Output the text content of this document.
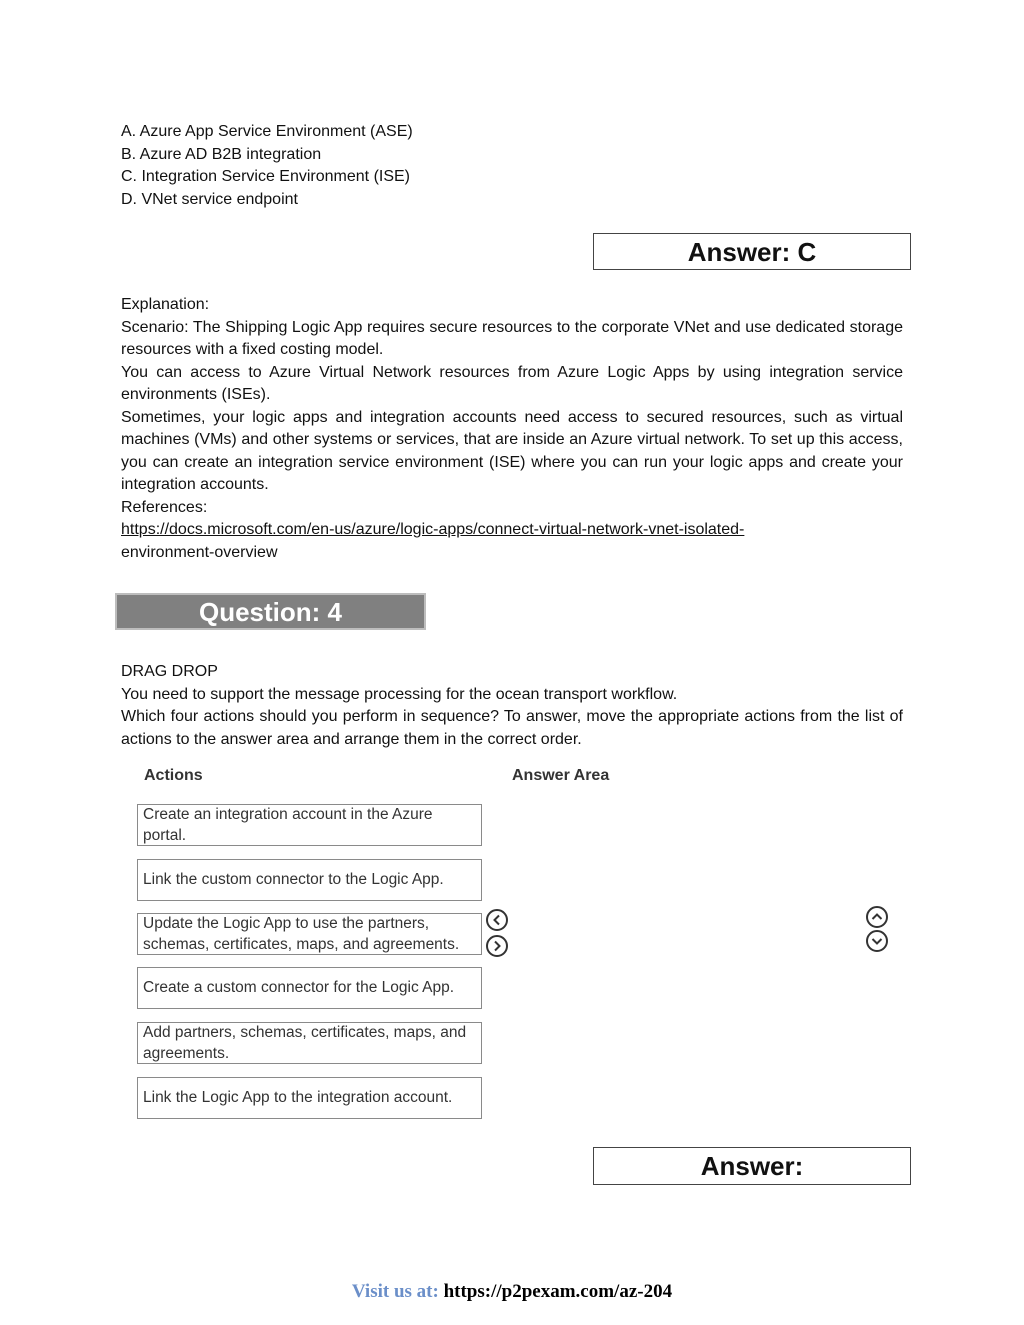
A. Azure App Service Environment (ASE)
B. Azure AD B2B integration
C. Integration Service Environment (ISE)
D. VNet service endpoint
Answer: C

Explanation:

Scenario: The Shipping Logic App requires secure resources to the corporate VNet and use dedicated storage resources with a fixed costing model.

You can access to Azure Virtual Network resources from Azure Logic Apps by using integration service environments (ISEs).

Sometimes, your logic apps and integration accounts need access to secured resources, such as virtual machines (VMs) and other systems or services, that are inside an Azure virtual network. To set up this access, you can create an integration service environment (ISE) where you can run your logic apps and create your integration accounts.

References:

https://docs.microsoft.com/en-us/azure/logic-apps/connect-virtual-network-vnet-isolated-

environment-overview

Question: 4

DRAG DROP

You need to support the message processing for the ocean transport workflow.

Which four actions should you perform in sequence? To answer, move the appropriate actions from the list of actions to the answer area and arrange them in the correct order.

Actions	Answer Area
Create an integration account in the Azure
portal.
Link the custom connector to the Logic App.
Update the Logic App to use the partners,
schemas, certificates, maps, and agreements.
Create a custom connector for the Logic App.
Add partners, schemas, certificates, maps, and
agreements.
Link the Logic App to the integration account.
Answer:
Visit us at: https://p2pexam.com/az-204
